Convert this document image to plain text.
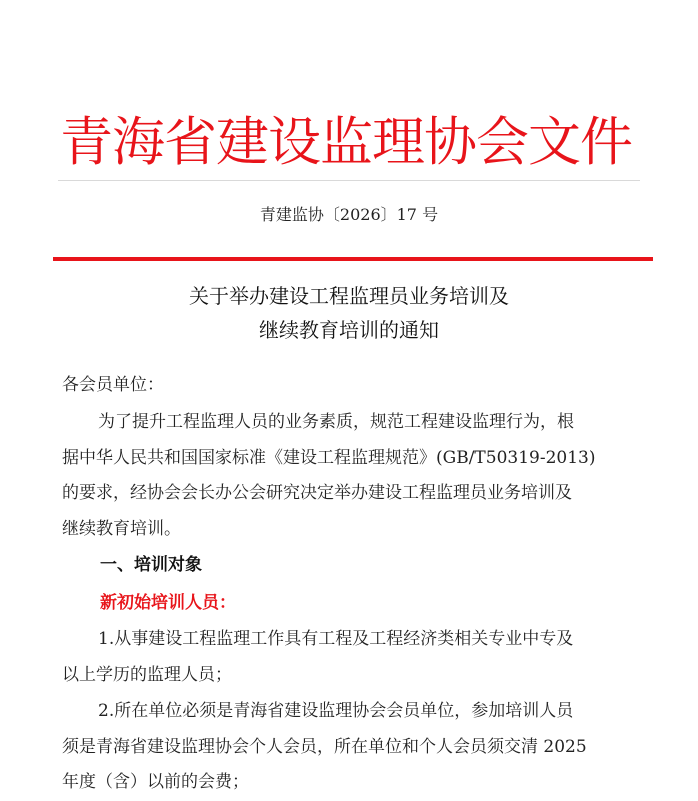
青海省建设监理协会文件
青建监协〔2026〕17 号
关于举办建设工程监理员业务培训及
继续教育培训的通知
各会员单位：
为了提升工程监理人员的业务素质，规范工程建设监理行为，根
据中华人民共和国国家标准《建设工程监理规范》(GB/T50319-2013)
的要求，经协会会长办公会研究决定举办建设工程监理员业务培训及
继续教育培训。
一、培训对象
新初始培训人员：
1.从事建设工程监理工作具有工程及工程经济类相关专业中专及
以上学历的监理人员；
2.所在单位必须是青海省建设监理协会会员单位，参加培训人员
须是青海省建设监理协会个人会员，所在单位和个人会员须交清 2025
年度（含）以前的会费；
